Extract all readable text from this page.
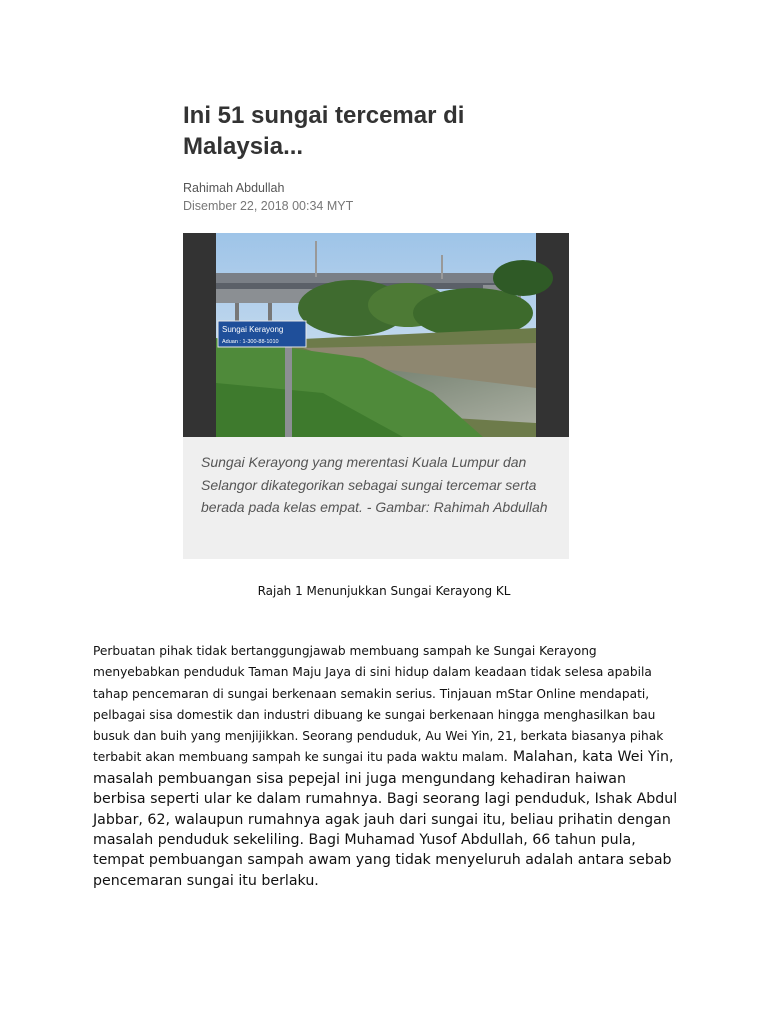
Ini 51 sungai tercemar di Malaysia...
Rahimah Abdullah
Disember 22, 2018 00:34 MYT
Sungai Kerayong
Aduan : 1-300-88-1010
Sungai Kerayong yang merentasi Kuala Lumpur dan Selangor dikategorikan sebagai sungai tercemar serta berada pada kelas empat. - Gambar: Rahimah Abdullah
Rajah 1 Menunjukkan Sungai Kerayong KL
Perbuatan pihak tidak bertanggungjawab membuang sampah ke Sungai Kerayong menyebabkan penduduk Taman Maju Jaya di sini hidup dalam keadaan tidak selesa apabila tahap pencemaran di sungai berkenaan semakin serius. Tinjauan mStar Online mendapati, pelbagai sisa domestik dan industri dibuang ke sungai berkenaan hingga menghasilkan bau busuk dan buih yang menjijikkan. Seorang penduduk, Au Wei Yin, 21, berkata biasanya pihak terbabit akan membuang sampah ke sungai itu pada waktu malam. Malahan, kata Wei Yin, masalah pembuangan sisa pepejal ini juga mengundang kehadiran haiwan berbisa seperti ular ke dalam rumahnya. Bagi seorang lagi penduduk, Ishak Abdul Jabbar, 62, walaupun rumahnya agak jauh dari sungai itu, beliau prihatin dengan masalah penduduk sekeliling. Bagi Muhamad Yusof Abdullah, 66 tahun pula, tempat pembuangan sampah awam yang tidak menyeluruh adalah antara sebab pencemaran sungai itu berlaku.
